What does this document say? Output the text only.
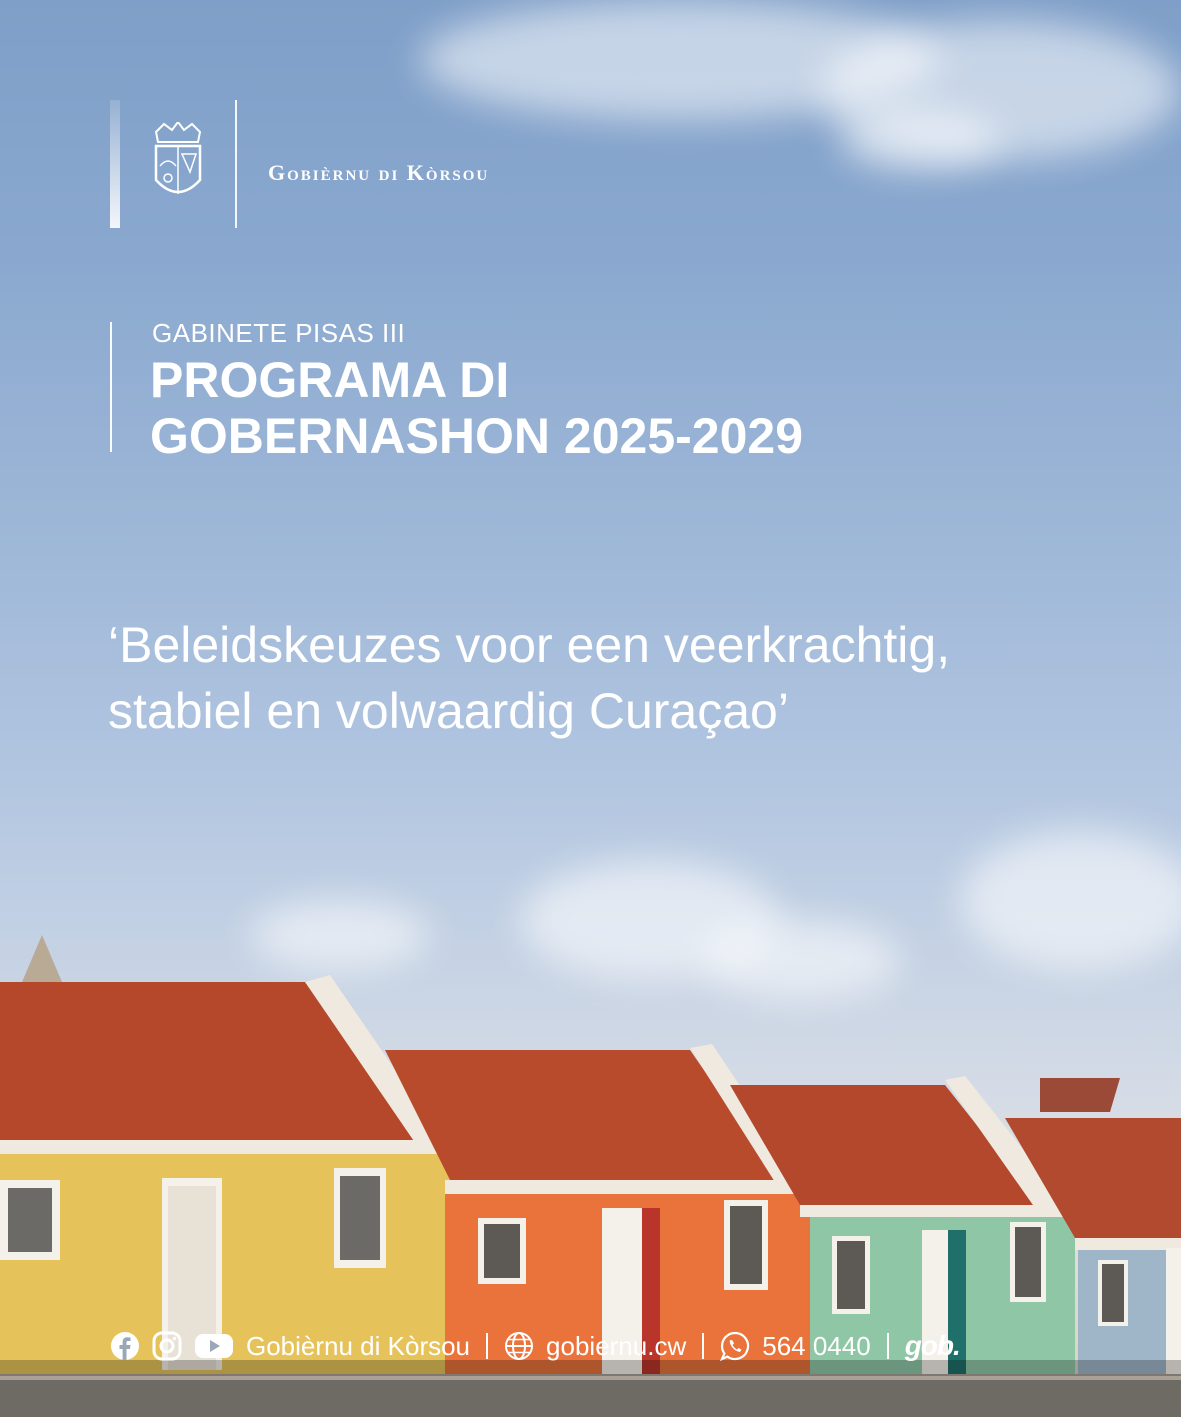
Gobièrnu di Kòrsou
GABINETE PISAS III
PROGRAMA DI
GOBERNASHON 2025-2029
‘Beleidskeuzes voor een veerkrachtig,
stabiel en volwaardig Curaçao’
Gobièrnu di Kòrsou	gobiernu.cw	564 0440 gob.
